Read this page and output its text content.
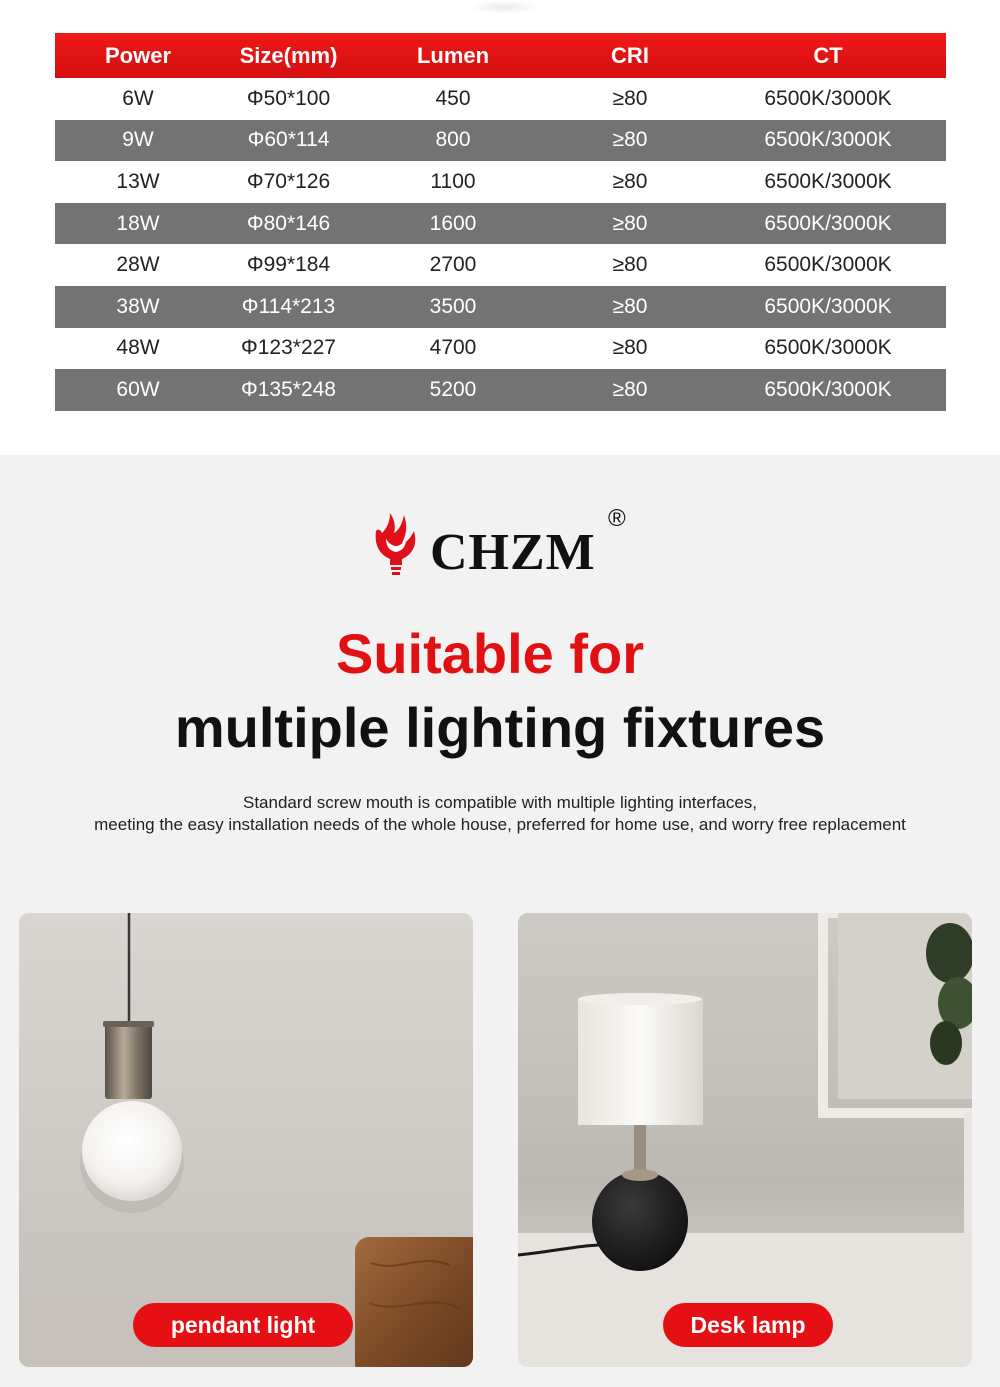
Power	Size(mm)	Lumen	CRI	CT
6W	Φ50*100	450	≥80	6500K/3000K
9W	Φ60*114	800	≥80	6500K/3000K
13W	Φ70*126	1100	≥80	6500K/3000K
18W	Φ80*146	1600	≥80	6500K/3000K
28W	Φ99*184	2700	≥80	6500K/3000K
38W	Φ114*213	3500	≥80	6500K/3000K
48W	Φ123*227	4700	≥80	6500K/3000K
60W	Φ135*248	5200	≥80	6500K/3000K
CHZM
®
Suitable for
multiple lighting fixtures
Standard screw mouth is compatible with multiple lighting interfaces,
meeting the easy installation needs of the whole house, preferred for home use, and worry free replacement
pendant light	Desk lamp
